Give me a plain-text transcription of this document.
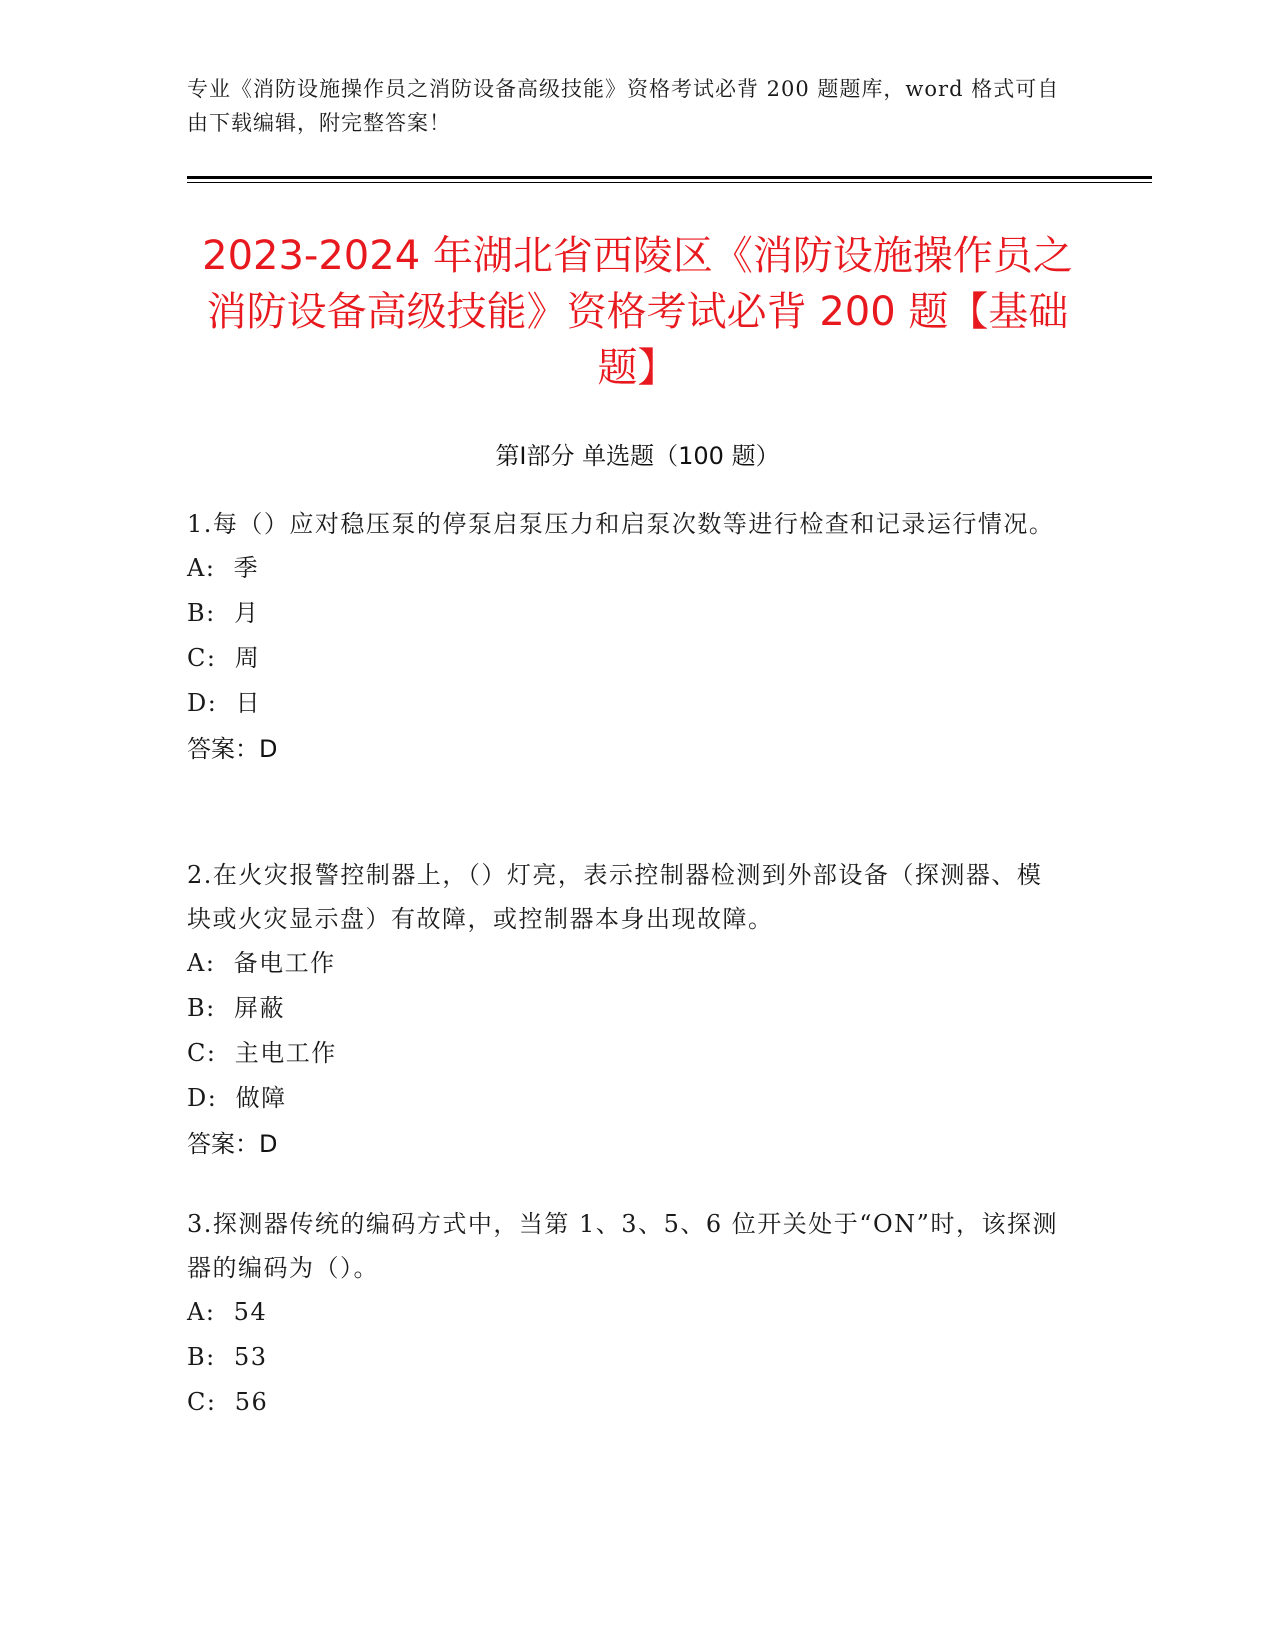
专业《消防设施操作员之消防设备高级技能》资格考试必背 200 题题库，word 格式可自由下载编辑，附完整答案！
2023-2024 年湖北省西陵区《消防设施操作员之消防设备高级技能》资格考试必背 200 题【基础题】
第Ⅰ部分 单选题（100 题）
1.每（）应对稳压泵的停泵启泵压力和启泵次数等进行检查和记录运行情况。
A:  季
B:  月
C:  周
D:  日
答案：D
2.在火灾报警控制器上，（）灯亮，表示控制器检测到外部设备（探测器、模块或火灾显示盘）有故障，或控制器本身出现故障。
A:  备电工作
B:  屏蔽
C:  主电工作
D:  做障
答案：D
3.探测器传统的编码方式中，当第 1、3、5、6 位开关处于“ON”时，该探测器的编码为（）。
A:  54
B:  53
C:  56
